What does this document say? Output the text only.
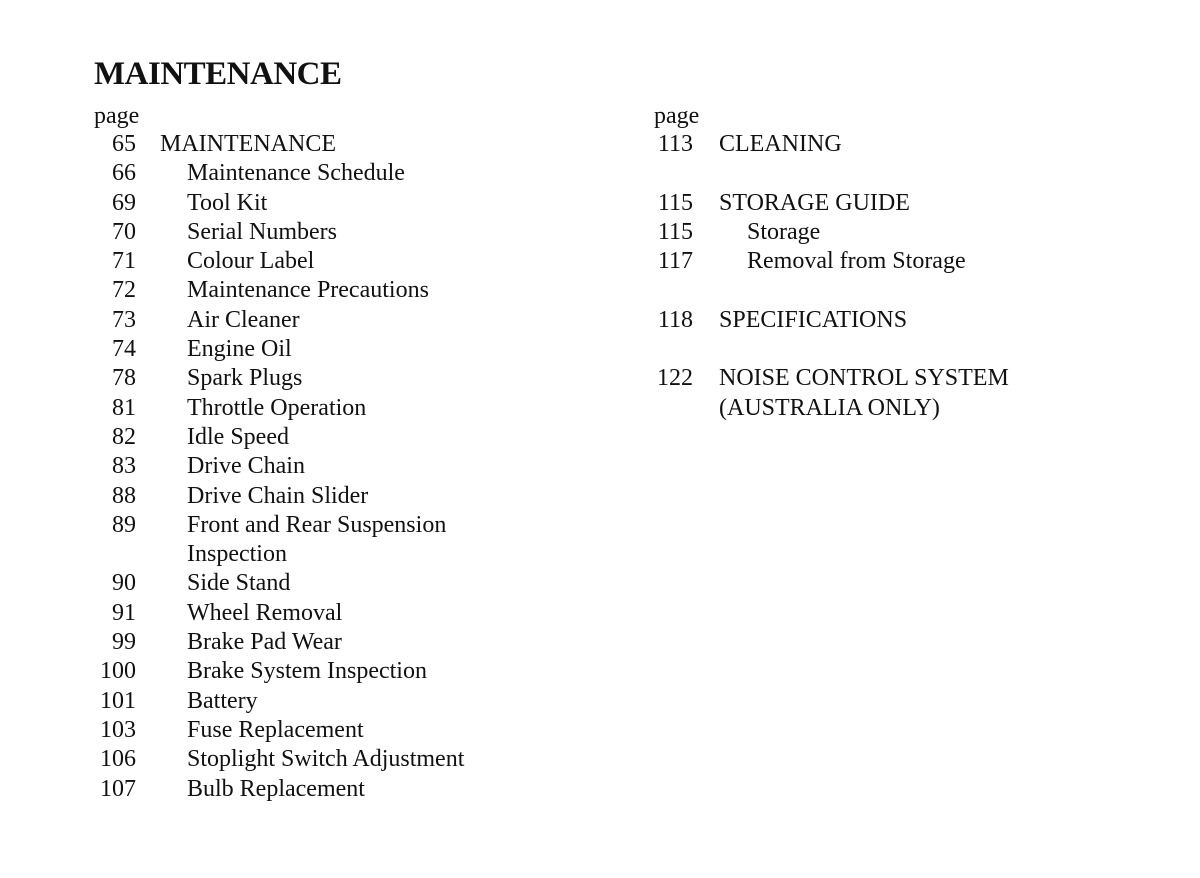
MAINTENANCE
page
65	MAINTENANCE
66	Maintenance Schedule
69	Tool Kit
70	Serial Numbers
71	Colour Label
72	Maintenance Precautions
73	Air Cleaner
74	Engine Oil
78	Spark Plugs
81	Throttle Operation
82	Idle Speed
83	Drive Chain
88	Drive Chain Slider
89	Front and Rear Suspension
Inspection
90	Side Stand
91	Wheel Removal
99	Brake Pad Wear
100	Brake System Inspection
101	Battery
103	Fuse Replacement
106	Stoplight Switch Adjustment
107	Bulb Replacement
page
113	CLEANING
115	STORAGE GUIDE
115	Storage
117	Removal from Storage
118	SPECIFICATIONS
122	NOISE CONTROL SYSTEM
(AUSTRALIA ONLY)
